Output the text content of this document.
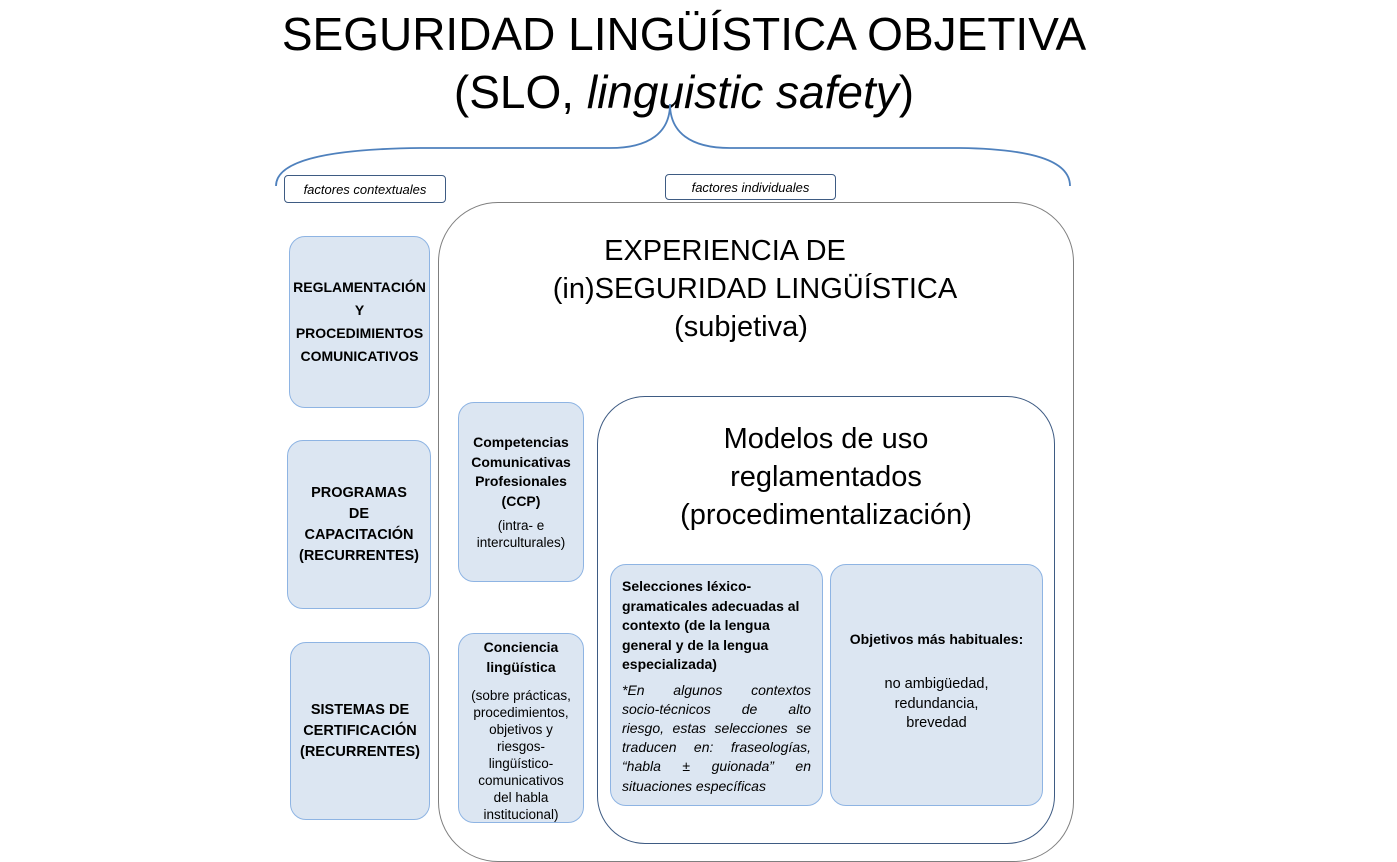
SEGURIDAD LINGÜÍSTICA OBJETIVA
(SLO, linguistic safety)
factores contextuales	factores individuales
REGLAMENTACIÓN
Y
PROCEDIMIENTOS
COMUNICATIVOS
PROGRAMAS
DE
CAPACITACIÓN
(RECURRENTES)
SISTEMAS DE
CERTIFICACIÓN
(RECURRENTES)
EXPERIENCIA DE
(in)SEGURIDAD LINGÜÍSTICA
(subjetiva)
Competencias
Comunicativas
Profesionales
(CCP)
(intra- e
interculturales)
Conciencia
lingüística
(sobre prácticas,
procedimientos,
objetivos y
riesgos-
lingüístico-
comunicativos
del habla
institucional)
Modelos de uso
reglamentados
(procedimentalización)
Selecciones léxico-
gramaticales adecuadas al
contexto (de la lengua
general y de la lengua
especializada)
*En algunos contextos
socio-técnicos de alto
riesgo, estas selecciones se
traducen en: fraseologías,
“habla ± guionada” en
situaciones específicas
Objetivos más habituales:
no ambigüedad,
redundancia,
brevedad
